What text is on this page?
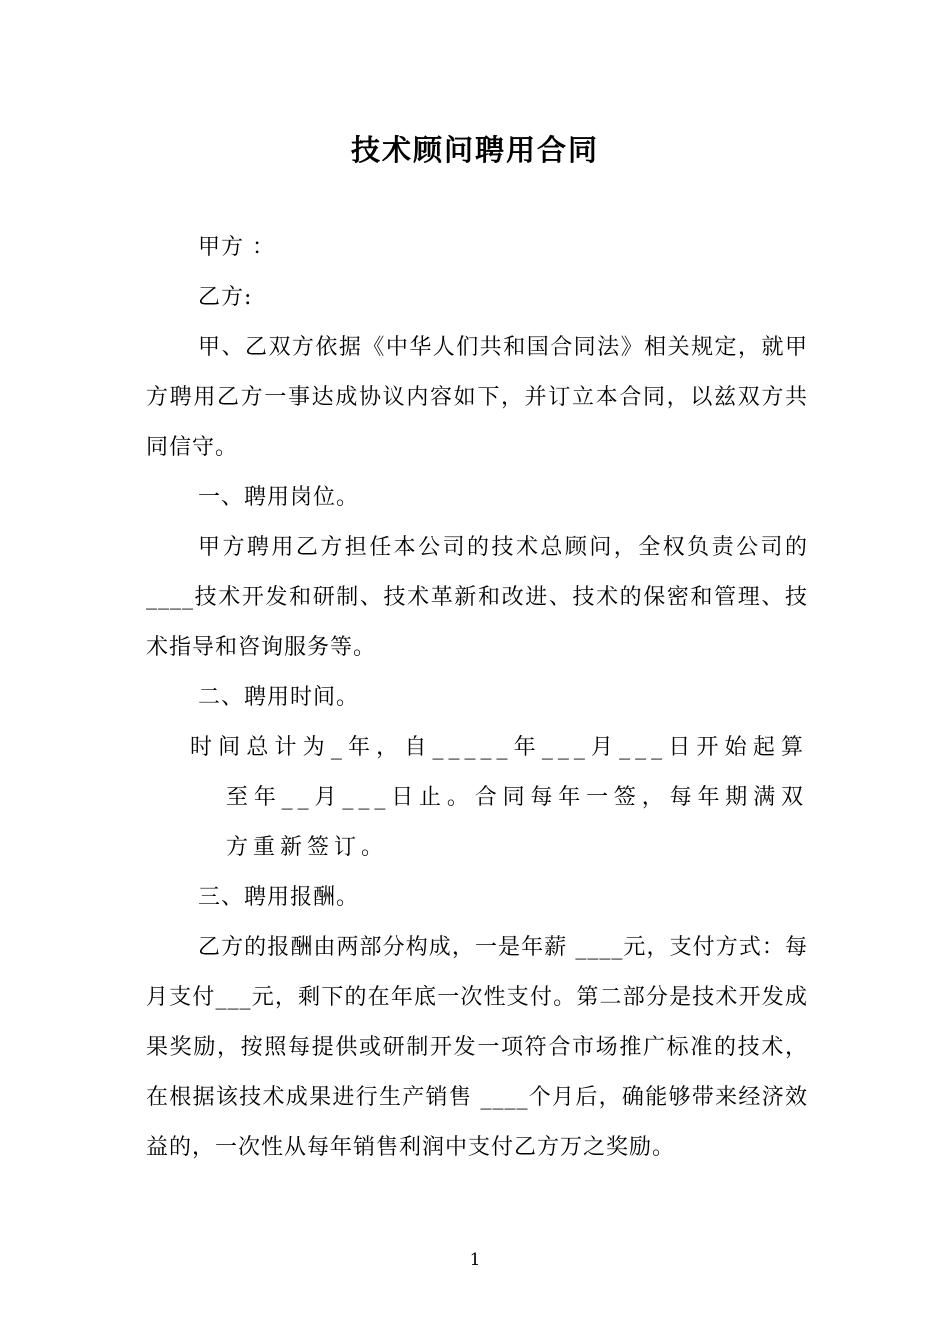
技术顾问聘用合同

甲方 ：

乙方:

甲、乙双方依据《中华人们共和国合同法》相关规定，就甲方聘用乙方一事达成协议内容如下，并订立本合同，以兹双方共同信守。

一、聘用岗位。

甲方聘用乙方担任本公司的技术总顾问，全权负责公司的____技术开发和研制、技术革新和改进、技术的保密和管理、技术指导和咨询服务等。

二、聘用时间。

时间总计为_年，自_____年___月___日开始起算至年__月___日止。合同每年一签，每年期满双方重新签订。

三、聘用报酬。

乙方的报酬由两部分构成，一是年薪 ____元，支付方式：每月支付___元，剩下的在年底一次性支付。第二部分是技术开发成果奖励，按照每提供或研制开发一项符合市场推广标准的技术，在根据该技术成果进行生产销售 ____个月后，确能够带来经济效益的，一次性从每年销售利润中支付乙方万之奖励。

1
